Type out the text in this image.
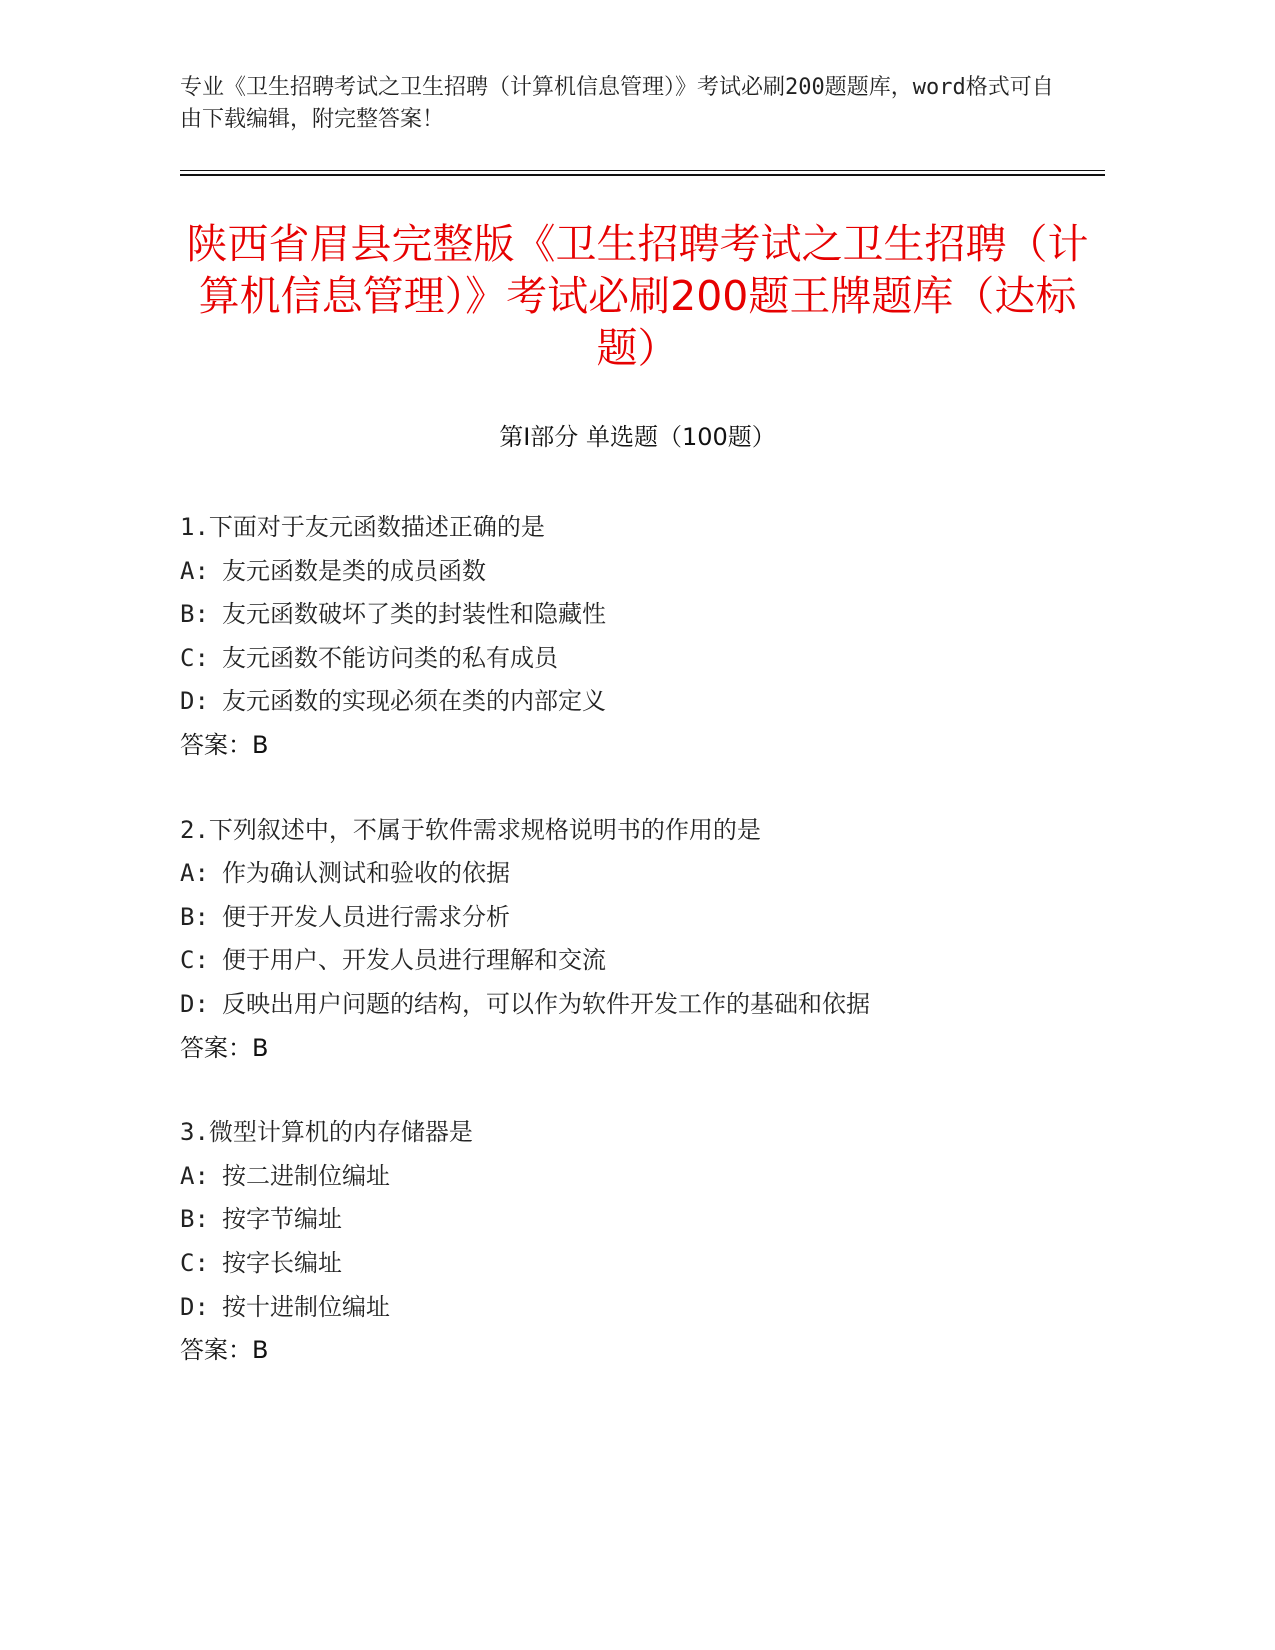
专业《卫生招聘考试之卫生招聘（计算机信息管理）》考试必刷200题题库，word格式可自由下载编辑，附完整答案！
陕西省眉县完整版《卫生招聘考试之卫生招聘（计算机信息管理）》考试必刷200题王牌题库（达标题）
第Ⅰ部分 单选题（100题）
1.下面对于友元函数描述正确的是
A: 友元函数是类的成员函数
B: 友元函数破坏了类的封装性和隐藏性
C: 友元函数不能访问类的私有成员
D: 友元函数的实现必须在类的内部定义
答案：B
2.下列叙述中，不属于软件需求规格说明书的作用的是
A: 作为确认测试和验收的依据
B: 便于开发人员进行需求分析
C: 便于用户、开发人员进行理解和交流
D: 反映出用户问题的结构，可以作为软件开发工作的基础和依据
答案：B
3.微型计算机的内存储器是
A: 按二进制位编址
B: 按字节编址
C: 按字长编址
D: 按十进制位编址
答案：B
